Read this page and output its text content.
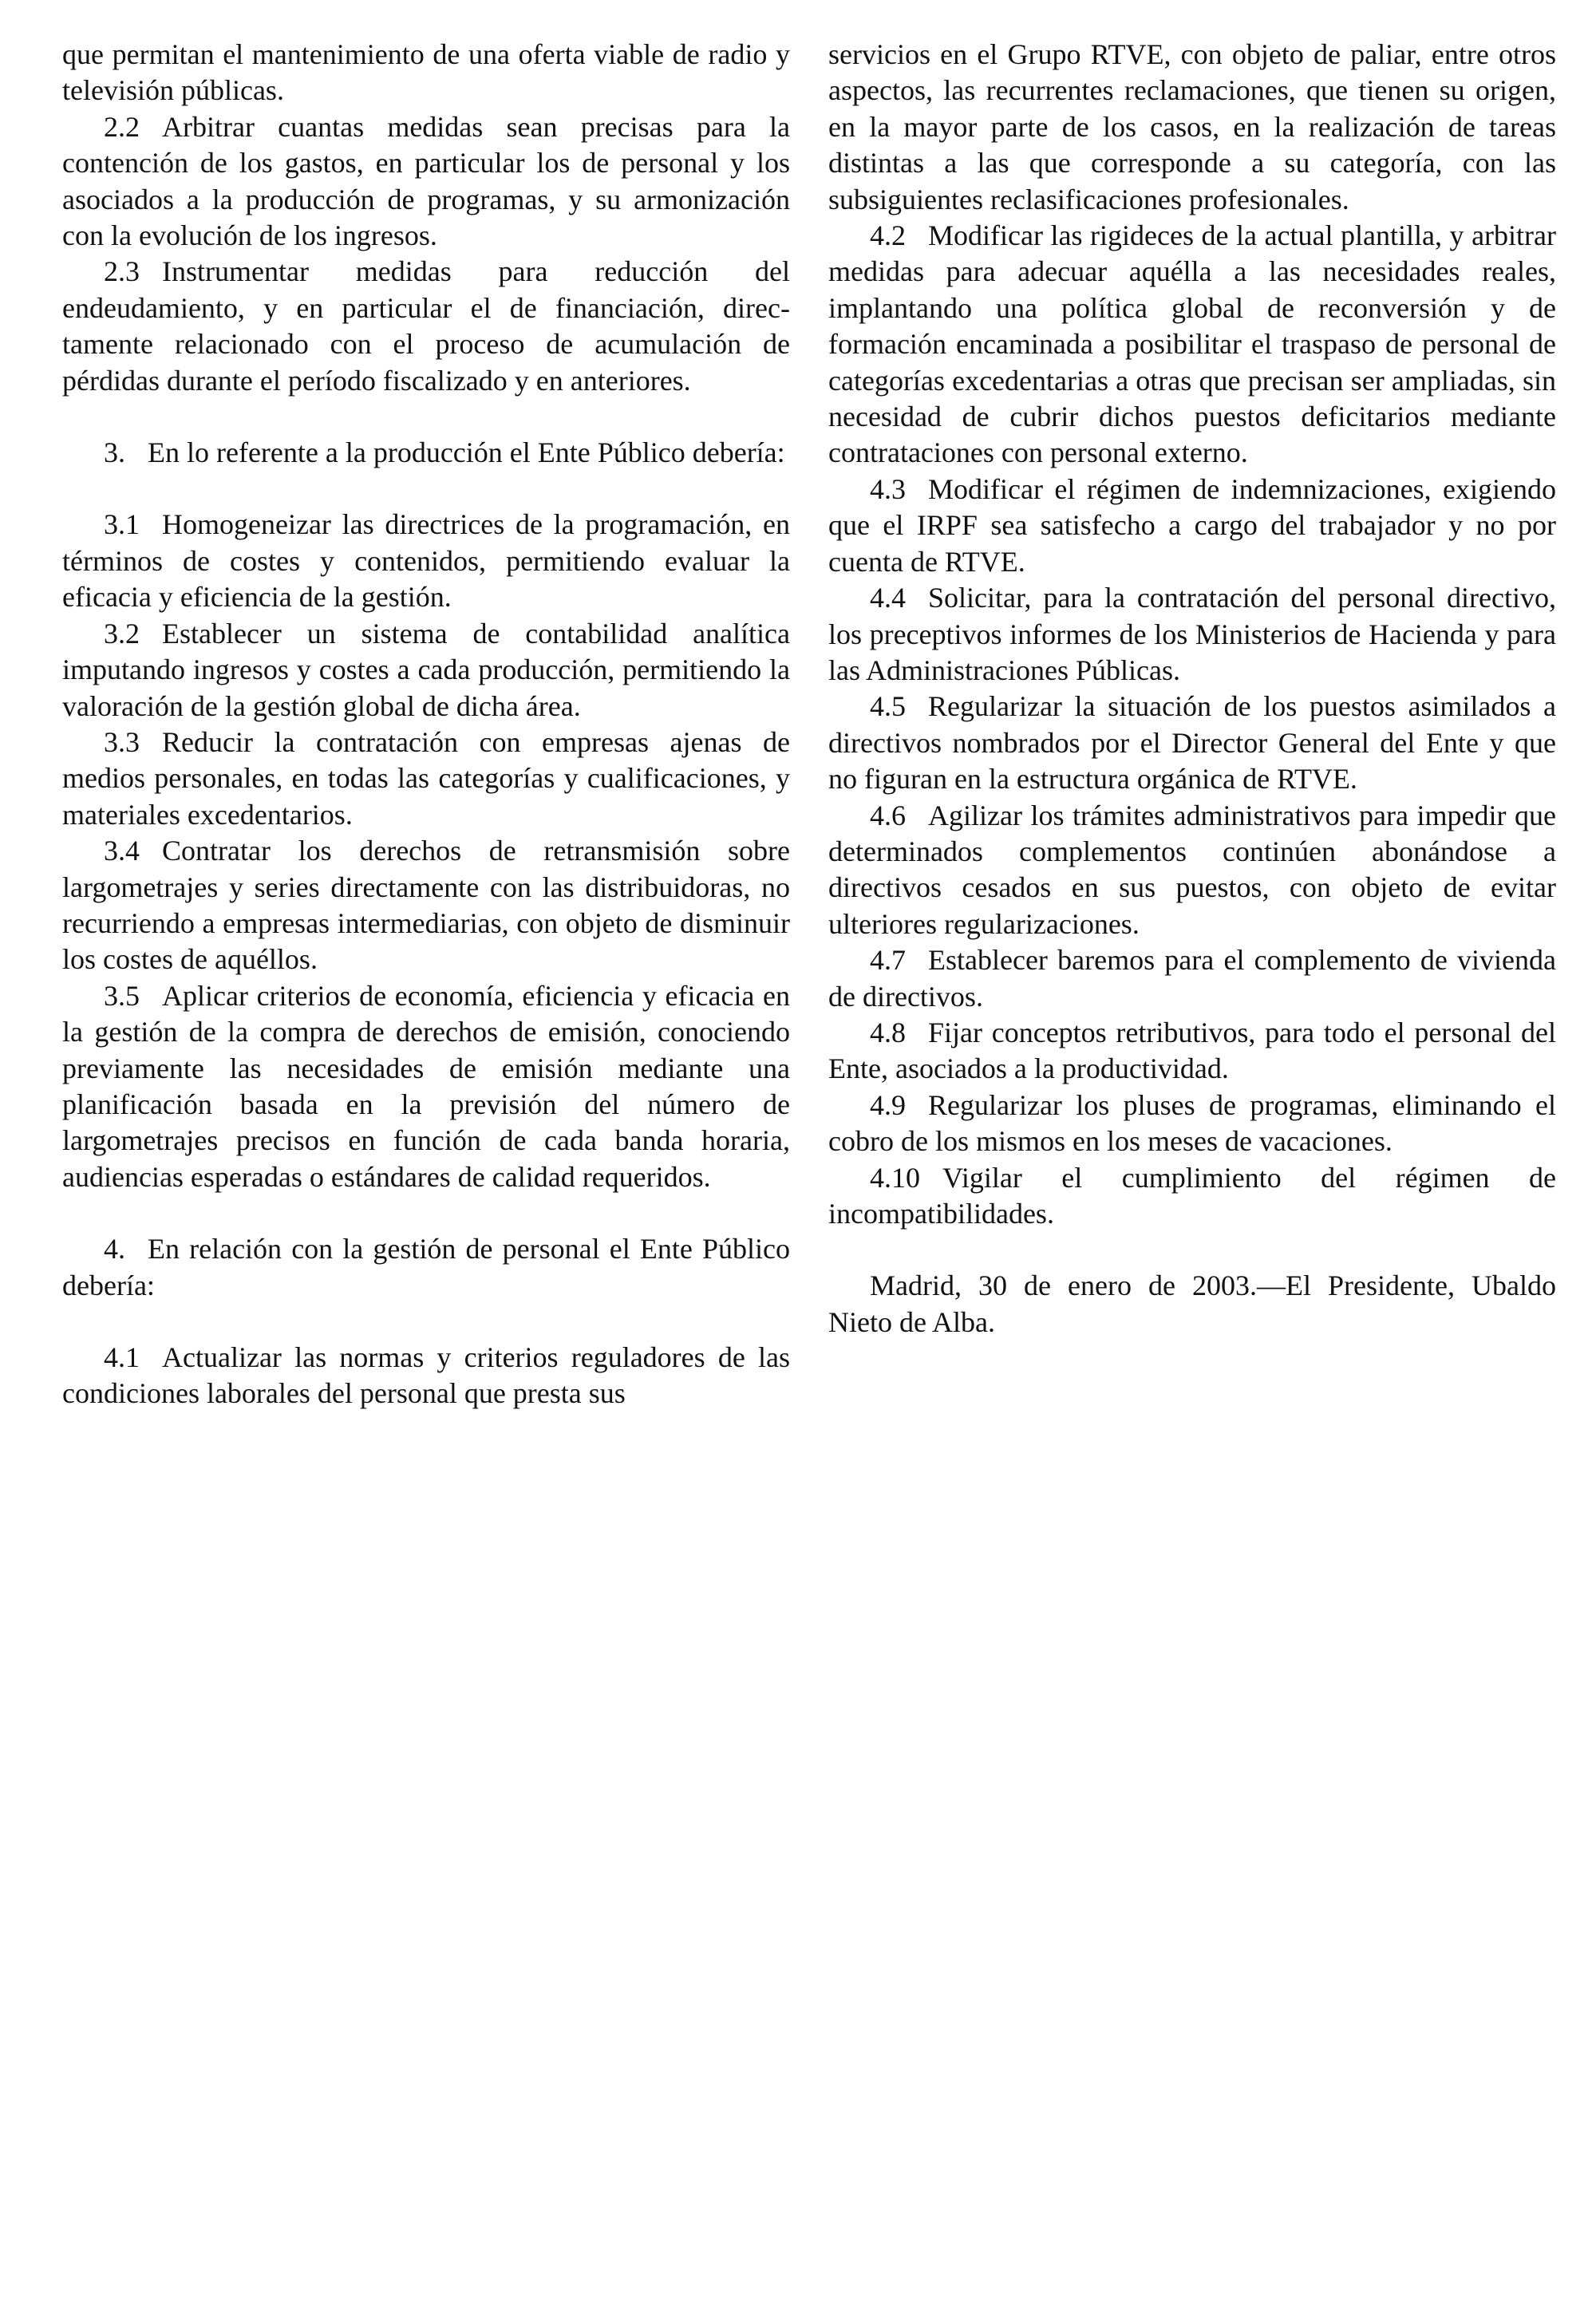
que permitan el mantenimiento de una oferta viable de radio y televisión públicas.

2.2 Arbitrar cuantas medidas sean precisas para la contención de los gastos, en particular los de personal y los asociados a la producción de programas, y su armonización con la evolución de los ingresos.

2.3 Instrumentar medidas para reducción del endeudamiento, y en particular el de financiación, directamente relacionado con el proceso de acumulación de pérdidas durante el período fiscalizado y en anteriores.

3. En lo referente a la producción el Ente Público debería:

3.1 Homogeneizar las directrices de la programación, en términos de costes y contenidos, permitiendo evaluar la eficacia y eficiencia de la gestión.

3.2 Establecer un sistema de contabilidad analítica imputando ingresos y costes a cada producción, permitiendo la valoración de la gestión global de dicha área.

3.3 Reducir la contratación con empresas ajenas de medios personales, en todas las categorías y cualificaciones, y materiales excedentarios.

3.4 Contratar los derechos de retransmisión sobre largometrajes y series directamente con las distribuidoras, no recurriendo a empresas intermediarias, con objeto de disminuir los costes de aquéllos.

3.5 Aplicar criterios de economía, eficiencia y eficacia en la gestión de la compra de derechos de emisión, conociendo previamente las necesidades de emisión mediante una planificación basada en la previsión del número de largometrajes precisos en función de cada banda horaria, audiencias esperadas o estándares de calidad requeridos.

4. En relación con la gestión de personal el Ente Público debería:

4.1 Actualizar las normas y criterios reguladores de las condiciones laborales del personal que presta sus

servicios en el Grupo RTVE, con objeto de paliar, entre otros aspectos, las recurrentes reclamaciones, que tienen su origen, en la mayor parte de los casos, en la realización de tareas distintas a las que corresponde a su categoría, con las subsiguientes reclasificaciones profesionales.

4.2 Modificar las rigideces de la actual plantilla, y arbitrar medidas para adecuar aquélla a las necesidades reales, implantando una política global de reconversión y de formación encaminada a posibilitar el traspaso de personal de categorías excedentarias a otras que precisan ser ampliadas, sin necesidad de cubrir dichos puestos deficitarios mediante contrataciones con personal externo.

4.3 Modificar el régimen de indemnizaciones, exigiendo que el IRPF sea satisfecho a cargo del trabajador y no por cuenta de RTVE.

4.4 Solicitar, para la contratación del personal directivo, los preceptivos informes de los Ministerios de Hacienda y para las Administraciones Públicas.

4.5 Regularizar la situación de los puestos asimilados a directivos nombrados por el Director General del Ente y que no figuran en la estructura orgánica de RTVE.

4.6 Agilizar los trámites administrativos para impedir que determinados complementos continúen abonándose a directivos cesados en sus puestos, con objeto de evitar ulteriores regularizaciones.

4.7 Establecer baremos para el complemento de vivienda de directivos.

4.8 Fijar conceptos retributivos, para todo el personal del Ente, asociados a la productividad.

4.9 Regularizar los pluses de programas, eliminando el cobro de los mismos en los meses de vacaciones.

4.10 Vigilar el cumplimiento del régimen de incompatibilidades.

Madrid, 30 de enero de 2003.—El Presidente, Ubaldo Nieto de Alba.
